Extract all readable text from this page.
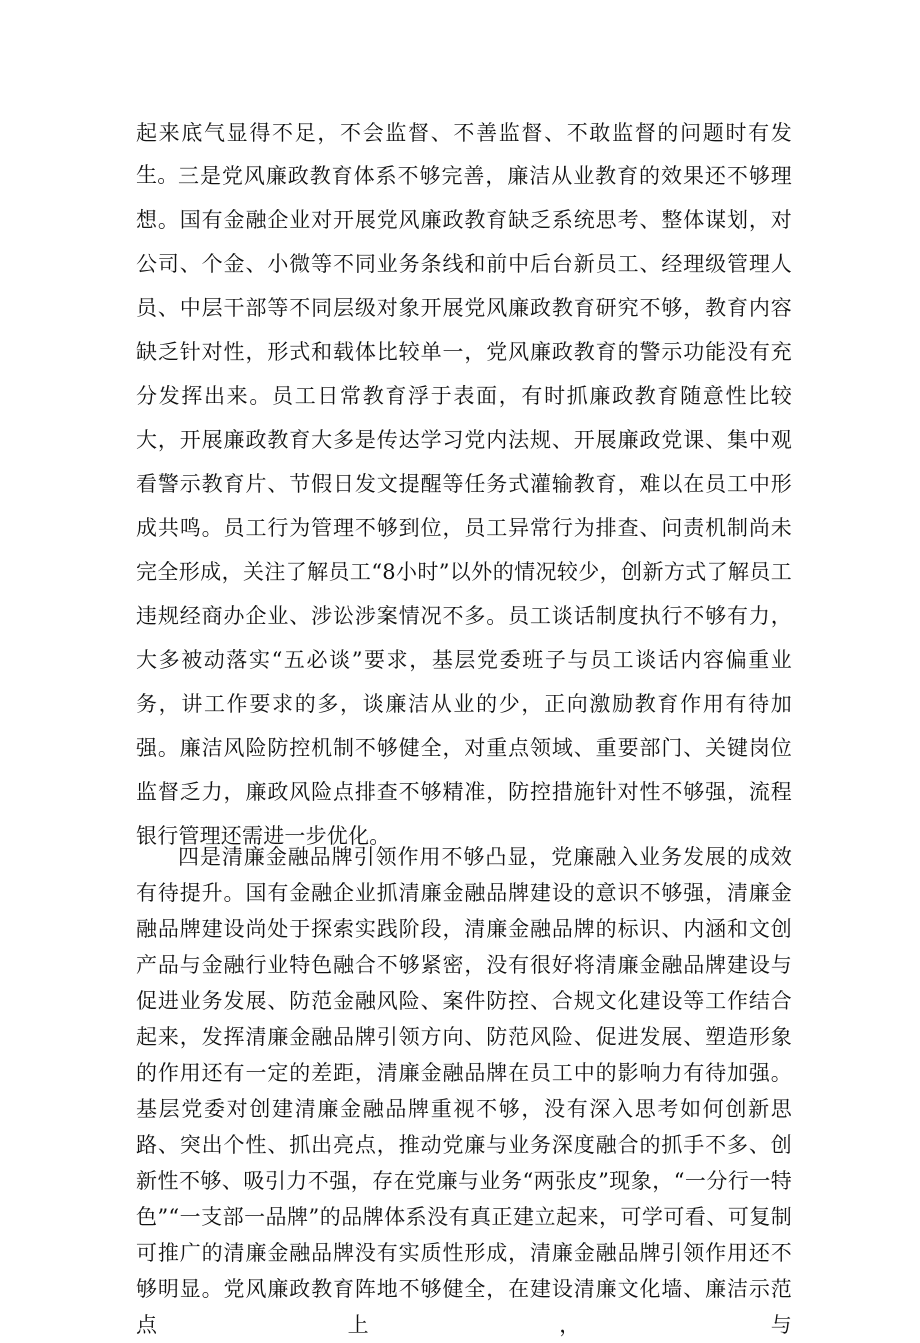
起来底气显得不足，不会监督、不善监督、不敢监督的问题时有发生。 三是党风廉政教育体系不够完善，廉洁从业教育的效果还不够理想。国有金融企业对开展党风廉政教育缺乏系统思考、整体谋划，对公司、个金、小微等不同业务条线和前中后台新员工、经理级管理人员、中层干部等不同层级对象开展党风廉政教育研究不够，教育内容缺乏针对性，形式和载体比较单一，党风廉政教育的警示功能没有充分发挥出来。员工日常教育浮于表面，有时抓廉政教育随意性比较大，开展廉政教育大多是传达学习党内法规、开展廉政党课、集中观看警示教育片、节假日发文提醒等任务式灌输教育，难以在员工中形成共鸣。员工行为管理不够到位，员工异常行为排查、问责机制尚未完全形成，关注了解员工“8小时”以外的情况较少，创新方式了解员工违规经商办企业、涉讼涉案情况不多。员工谈话制度执行不够有力，大多被动落实“五必谈”要求，基层党委班子与员工谈话内容偏重业务，讲工作要求的多，谈廉洁从业的少，正向激励教育作用有待加强。廉洁风险防控机制不够健全，对重点领域、重要部门、关键岗位监督乏力，廉政风险点排查不够精准，防控措施针对性不够强，流程银行管理还需进一步优化。

四是清廉金融品牌引领作用不够凸显，党廉融入业务发展的成效有待提升。国有金融企业抓清廉金融品牌建设的意识不够强，清廉金融品牌建设尚处于探索实践阶段，清廉金融品牌的标识、内涵和文创产品与金融行业特色融合不够紧密，没有很好将清廉金融品牌建设与促进业务发展、防范金融风险、案件防控、合规文化建设等工作结合起来，发挥清廉金融品牌引领方向、防范风险、促进发展、塑造形象的作用还有一定的差距，清廉金融品牌在员工中的影响力有待加强。基层党委对创建清廉金融品牌重视不够，没有深入思考如何创新思路、突出个性、抓出亮点，推动党廉与业务深度融合的抓手不多、创新性不够、吸引力不强，存在党廉与业务“两张皮”现象，“一分行一特色”“一支部一品牌”的品牌体系没有真正建立起来，可学可看、可复制可推广的清廉金融品牌没有实质性形成，清廉金融品牌引领作用还不够明显。党风廉政教育阵地不够健全，在建设清廉文化墙、廉洁示范点上，与
